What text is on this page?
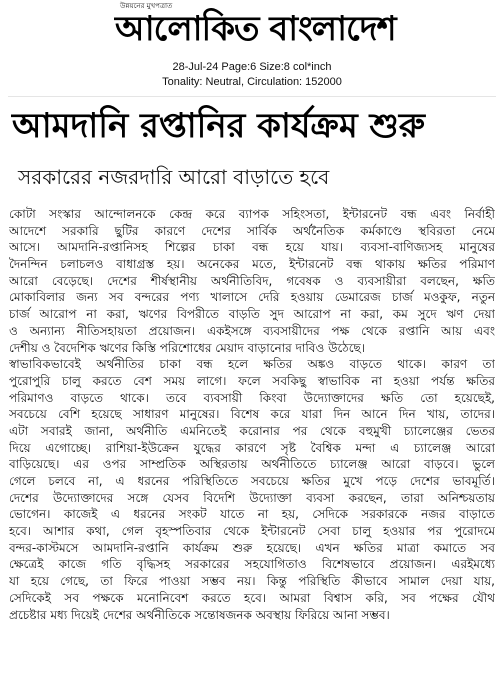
উন্নয়নের মুখপত্রাত
আলোকিত বাংলাদেশ
28-Jul-24 Page:6 Size:8 col*inch
Tonality: Neutral, Circulation: 152000
আমদানি রপ্তানির কার্যক্রম শুরু
সরকারের নজরদারি আরো বাড়াতে হবে
কোটা সংস্কার আন্দোলনকে কেন্দ্র করে ব্যাপক সহিংসতা, ইন্টারনেট বন্ধ এবং নির্বাহী
আদেশে সরকারি ছুটির কারণে দেশের সার্বিক অর্থনৈতিক কর্মকাণ্ডে স্থবিরতা নেমে
আসে। আমদানি-রপ্তানিসহ শিল্পের চাকা বন্ধ হয়ে যায়। ব্যবসা-বাণিজ্যসহ মানুষের
দৈনন্দিন চলাচলও বাধাগ্রস্ত হয়। অনেকের মতে, ইন্টারনেট বন্ধ থাকায় ক্ষতির পরিমাণ
আরো বেড়েছে। দেশের শীর্ষস্থানীয় অর্থনীতিবিদ, গবেষক ও ব্যবসায়ীরা বলছেন, ক্ষতি
মোকাবিলার জন্য সব বন্দরের পণ্য খালাসে দেরি হওয়ায় ডেমারেজ চার্জ মওকুফ, নতুন
চার্জ আরোপ না করা, ঋণের বিপরীতে বাড়তি সুদ আরোপ না করা, কম সুদে ঋণ দেয়া
ও অন্যান্য নীতিসহায়তা প্রয়োজন। একইসঙ্গে ব্যবসায়ীদের পক্ষ থেকে রপ্তানি আয় এবং
দেশীয় ও বৈদেশিক ঋণের কিস্তি পরিশোধের মেয়াদ বাড়ানোর দাবিও উঠেছে।
স্বাভাবিকভাবেই অর্থনীতির চাকা বন্ধ হলে ক্ষতির অঙ্কও বাড়তে থাকে। কারণ তা
পুরোপুরি চালু করতে বেশ সময় লাগে। ফলে সবকিছু স্বাভাবিক না হওয়া পর্যন্ত ক্ষতির
পরিমাণও বাড়তে থাকে। তবে ব্যবসায়ী কিংবা উদ্যোক্তাদের ক্ষতি তো হয়েছেই,
সবচেয়ে বেশি হয়েছে সাধারণ মানুষের। বিশেষ করে যারা দিন আনে দিন খায়, তাদের।
এটা সবারই জানা, অর্থনীতি এমনিতেই করোনার পর থেকে বহুমুখী চ্যালেঞ্জের ভেতর
দিয়ে এগোচ্ছে। রাশিয়া-ইউক্রেন যুদ্ধের কারণে সৃষ্ট বৈশ্বিক মন্দা এ চ্যালেঞ্জ আরো
বাড়িয়েছে। এর ওপর সাম্প্রতিক অস্থিরতায় অর্থনীতিতে চ্যালেঞ্জ আরো বাড়বে। ভুলে
গেলে চলবে না, এ ধরনের পরিস্থিতিতে সবচেয়ে ক্ষতির মুখে পড়ে দেশের ভাবমূর্তি।
দেশের উদ্যোক্তাদের সঙ্গে যেসব বিদেশি উদ্যোক্তা ব্যবসা করছেন, তারা অনিশ্চয়তায়
ভোগেন। কাজেই এ ধরনের সংকট যাতে না হয়, সেদিকে সরকারকে নজর বাড়াতে
হবে। আশার কথা, গেল বৃহস্পতিবার থেকে ইন্টারনেট সেবা চালু হওয়ার পর পুরোদমে
বন্দর-কাস্টমসে আমদানি-রপ্তানি কার্যক্রম শুরু হয়েছে। এখন ক্ষতির মাত্রা কমাতে সব
ক্ষেত্রেই কাজে গতি বৃদ্ধিসহ সরকারের সহযোগিতাও বিশেষভাবে প্রয়োজন। এরইমধ্যে
যা হয়ে গেছে, তা ফিরে পাওয়া সম্ভব নয়। কিন্তু পরিস্থিতি কীভাবে সামাল দেয়া যায়,
সেদিকেই সব পক্ষকে মনোনিবেশ করতে হবে। আমরা বিশ্বাস করি, সব পক্ষের যৌথ
প্রচেষ্টার মধ্য দিয়েই দেশের অর্থনীতিকে সন্তোষজনক অবস্থায় ফিরিয়ে আনা সম্ভব।
